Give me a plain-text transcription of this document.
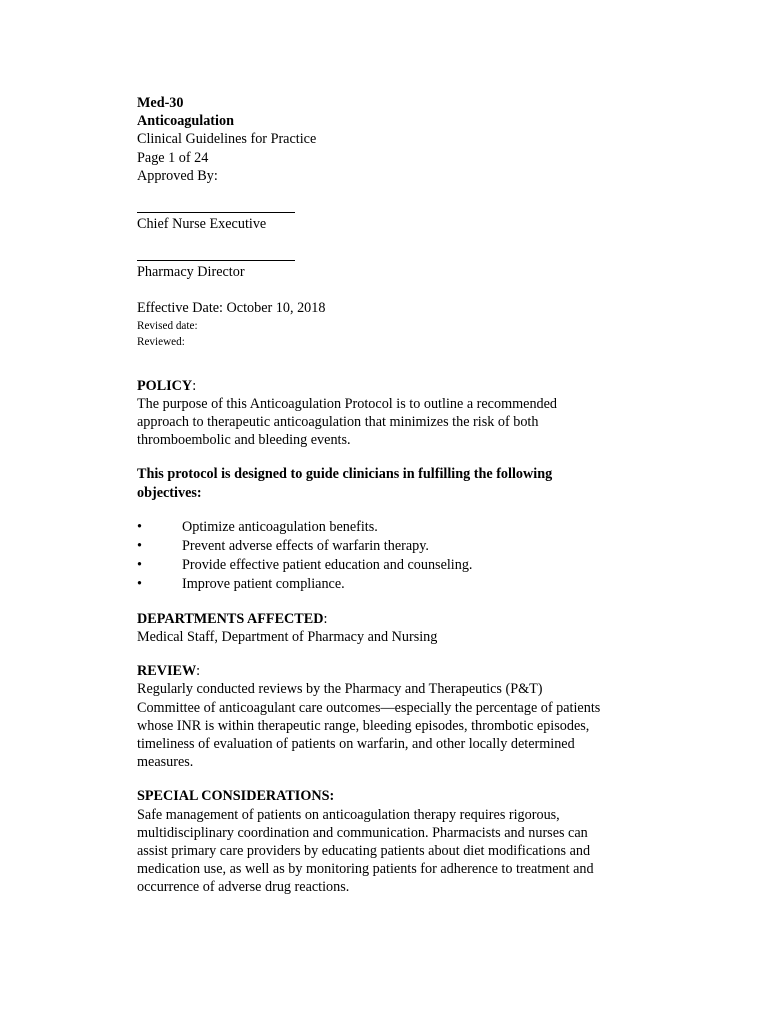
Med-30
Anticoagulation
Clinical Guidelines for Practice
Page 1 of 24
Approved By:
Chief Nurse Executive
Pharmacy Director
Effective Date: October 10, 2018
Revised date:
Reviewed:
POLICY:
The purpose of this Anticoagulation Protocol is to outline a recommended
approach to therapeutic anticoagulation that minimizes the risk of both
thromboembolic and bleeding events.
This protocol is designed to guide clinicians in fulfilling the following
objectives:
•	Optimize anticoagulation benefits.
•	Prevent adverse effects of warfarin therapy.
•	Provide effective patient education and counseling.
•	Improve patient compliance.
DEPARTMENTS AFFECTED:
Medical Staff, Department of Pharmacy and Nursing
REVIEW:
Regularly conducted reviews by the Pharmacy and Therapeutics (P&T)
Committee of anticoagulant care outcomes—especially the percentage of patients
whose INR is within therapeutic range, bleeding episodes, thrombotic episodes,
timeliness of evaluation of patients on warfarin, and other locally determined
measures.
SPECIAL CONSIDERATIONS:
Safe management of patients on anticoagulation therapy requires rigorous,
multidisciplinary coordination and communication. Pharmacists and nurses can
assist primary care providers by educating patients about diet modifications and
medication use, as well as by monitoring patients for adherence to treatment and
occurrence of adverse drug reactions.
